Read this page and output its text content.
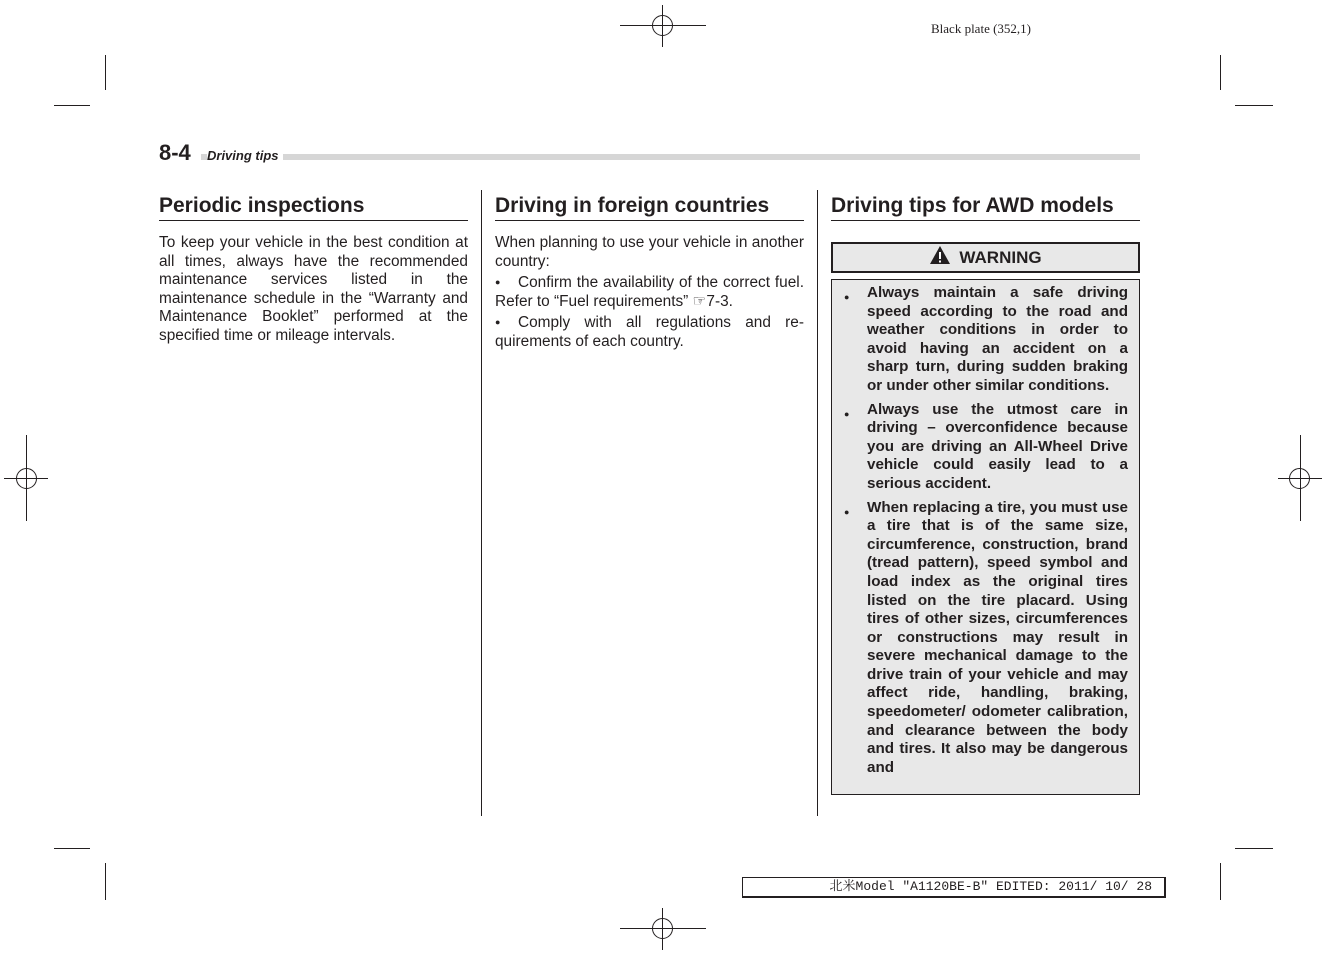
Black plate (352,1)
8-4	Driving tips
Periodic inspections

To keep your vehicle in the best condition at all times, always have the recommended maintenance services listed in the maintenance schedule in the “Warranty and Maintenance Booklet” performed at the specified time or mileage intervals.

Driving in foreign countries

When planning to use your vehicle in another country:

● Confirm the availability of the correct fuel. Refer to “Fuel requirements” ☞7-3.

● Comply with all regulations and requirements of each country.

Driving tips for AWD models
WARNING
● Always maintain a safe driving speed according to the road and weather conditions in order to avoid having an accident on a sharp turn, during sudden braking or under other similar conditions.
● Always use the utmost care in driving – overconfidence because you are driving an All-Wheel Drive vehicle could easily lead to a serious accident.
● When replacing a tire, you must use a tire that is of the same size, circumference, construction, brand (tread pattern), speed symbol and load index as the original tires listed on the tire placard. Using tires of other sizes, circumferences or constructions may result in severe mechanical damage to the drive train of your vehicle and may affect ride, handling, braking, speedometer/ odometer calibration, and clearance between the body and tires. It also may be dangerous and
北米Model "A1120BE-B" EDITED: 2011/ 10/ 28
